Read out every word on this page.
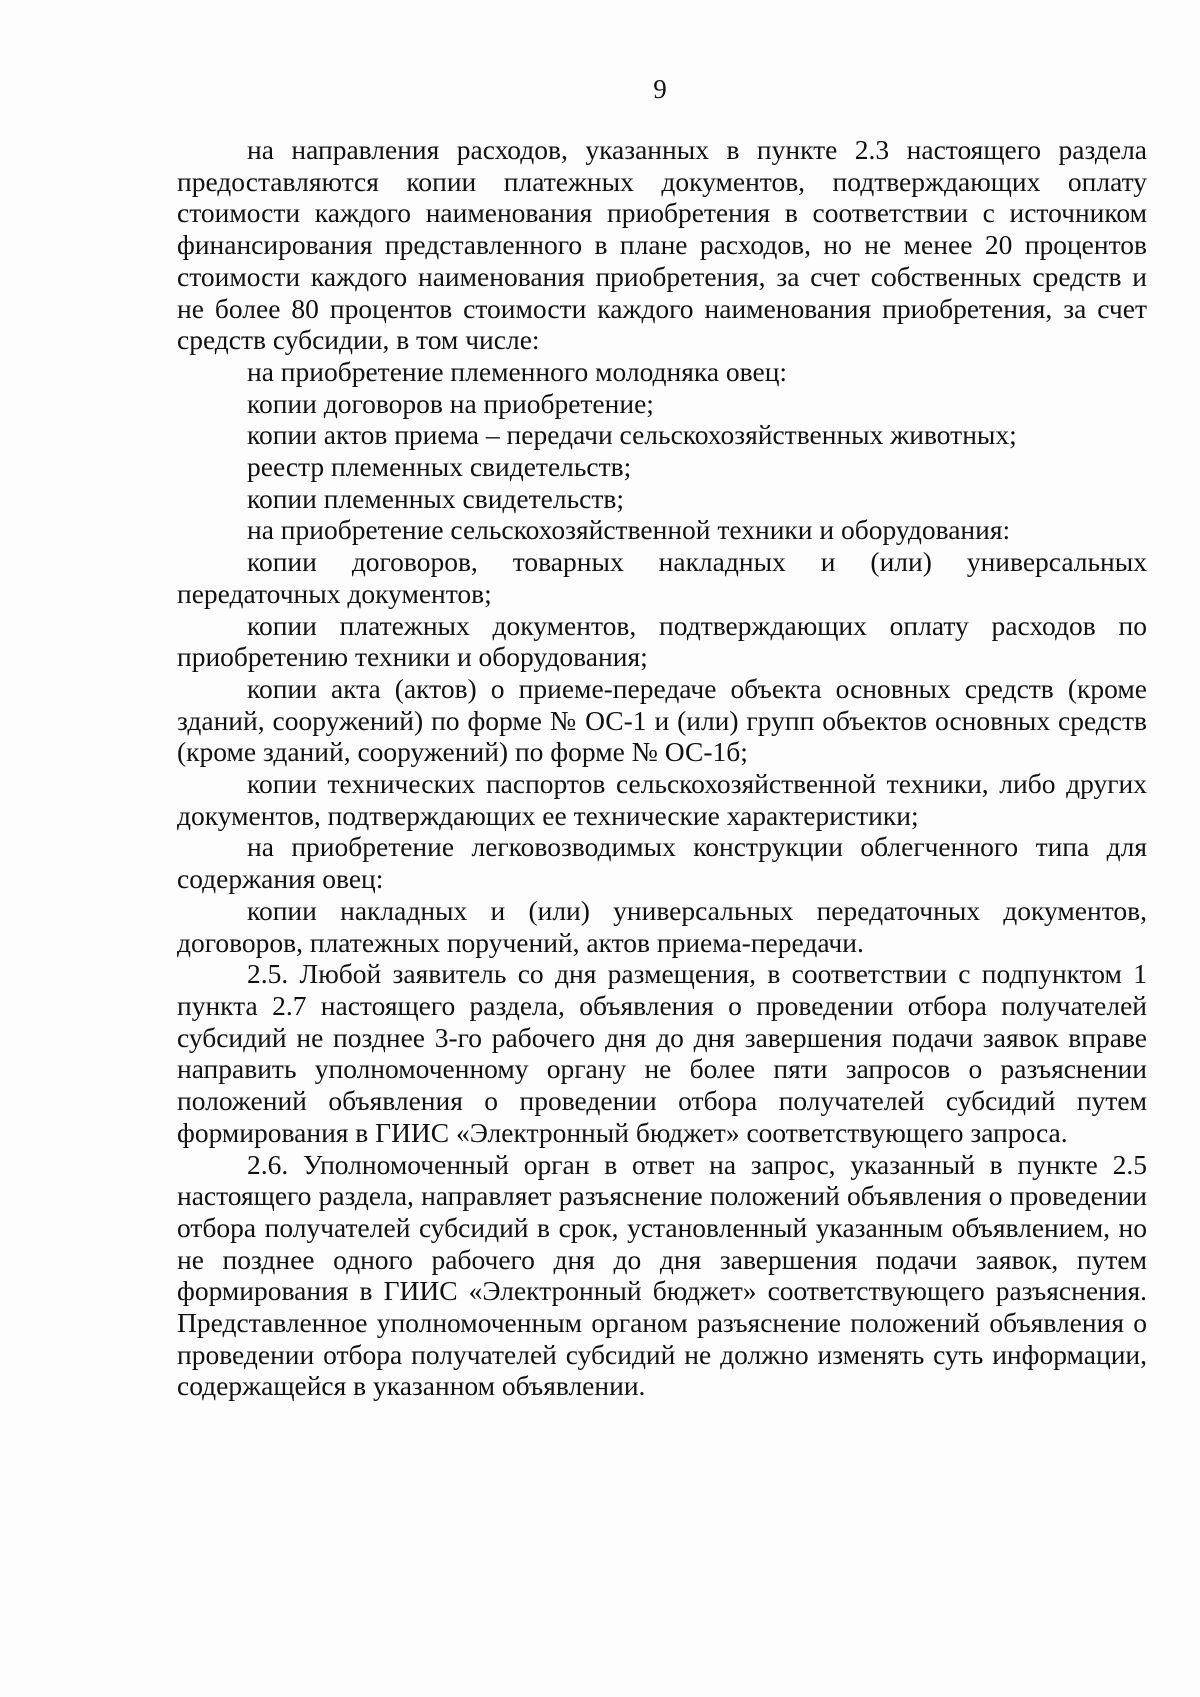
9

на направления расходов, указанных в пункте 2.3 настоящего раздела предоставляются копии платежных документов, подтверждающих оплату стоимости каждого наименования приобретения в соответствии с источником финансирования представленного в плане расходов, но не менее 20 процентов стоимости каждого наименования приобретения, за счет собственных средств и не более 80 процентов стоимости каждого наименования приобретения, за счет средств субсидии, в том числе:

на приобретение племенного молодняка овец:

копии договоров на приобретение;

копии актов приема – передачи сельскохозяйственных животных;

реестр племенных свидетельств;

копии племенных свидетельств;

на приобретение сельскохозяйственной техники и оборудования:

копии договоров, товарных накладных и (или) универсальных передаточных документов;

копии платежных документов, подтверждающих оплату расходов по приобретению техники и оборудования;

копии акта (актов) о приеме-передаче объекта основных средств (кроме зданий, сооружений) по форме № ОС-1 и (или) групп объектов основных средств (кроме зданий, сооружений) по форме № ОС-1б;

копии технических паспортов сельскохозяйственной техники, либо других документов, подтверждающих ее технические характеристики;

на приобретение легковозводимых конструкции облегченного типа для содержания овец:

копии накладных и (или) универсальных передаточных документов, договоров, платежных поручений, актов приема-передачи.

2.5. Любой заявитель со дня размещения, в соответствии с подпунктом 1 пункта 2.7 настоящего раздела, объявления о проведении отбора получателей субсидий не позднее 3-го рабочего дня до дня завершения подачи заявок вправе направить уполномоченному органу не более пяти запросов о разъяснении положений объявления о проведении отбора получателей субсидий путем формирования в ГИИС «Электронный бюджет» соответствующего запроса.

2.6. Уполномоченный орган в ответ на запрос, указанный в пункте 2.5 настоящего раздела, направляет разъяснение положений объявления о проведении отбора получателей субсидий в срок, установленный указанным объявлением, но не позднее одного рабочего дня до дня завершения подачи заявок, путем формирования в ГИИС «Электронный бюджет» соответствующего разъяснения. Представленное уполномоченным органом разъяснение положений объявления о проведении отбора получателей субсидий не должно изменять суть информации, содержащейся в указанном объявлении.
